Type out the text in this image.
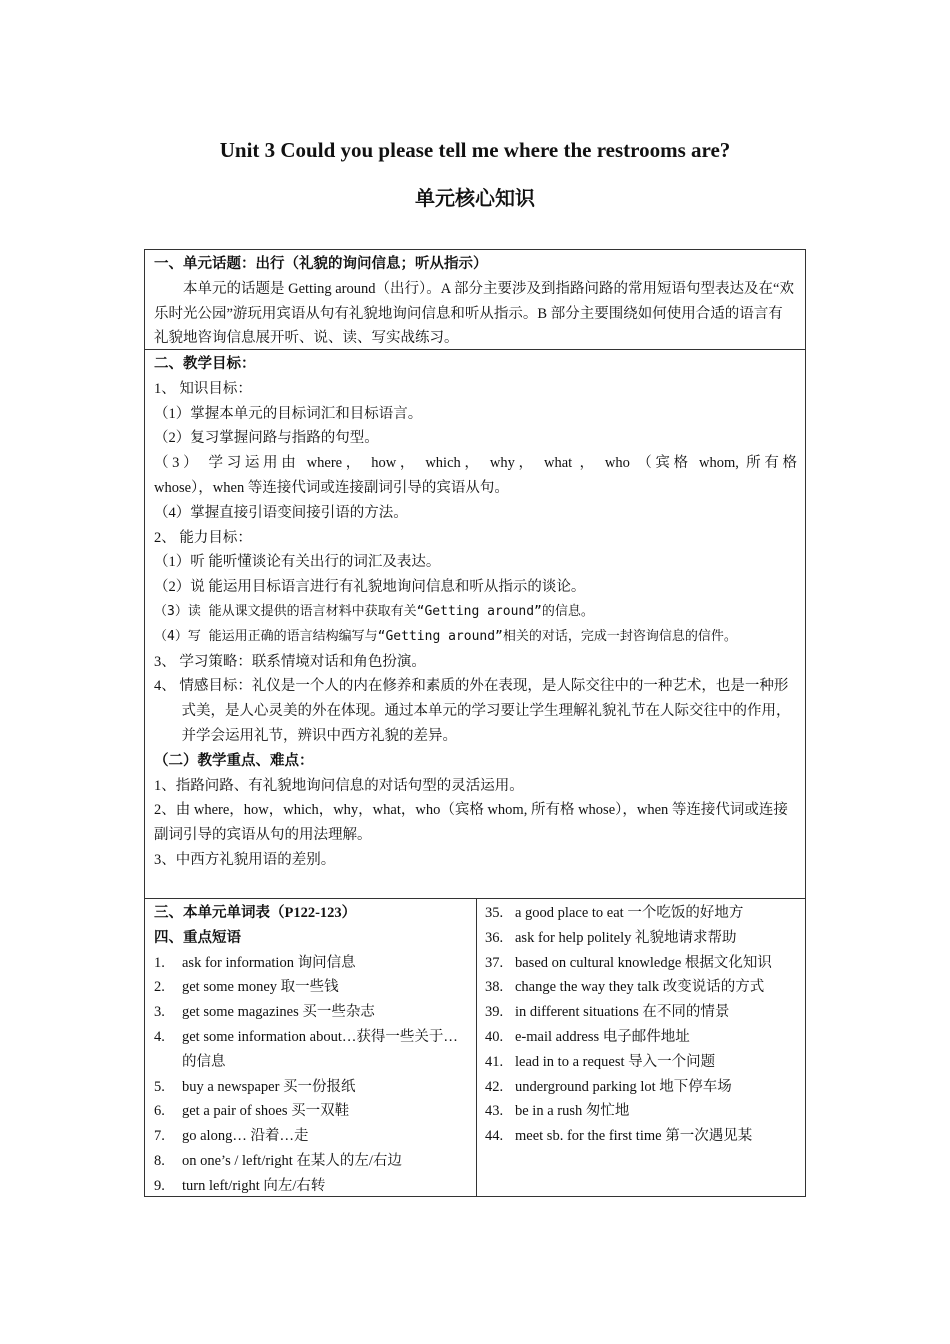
Unit 3 Could you please tell me where the restrooms are?
单元核心知识

一、单元话题：出行（礼貌的询问信息；听从指示）

本单元的话题是 Getting around（出行）。A 部分主要涉及到指路问路的常用短语句型表达及在“欢乐时光公园”游玩用宾语从句有礼貌地询问信息和听从指示。B 部分主要围绕如何使用合适的语言有礼貌地咨询信息展开听、说、读、写实战练习。

二、教学目标：

1、 知识目标：

（1）掌握本单元的目标词汇和目标语言。

（2）复习掌握问路与指路的句型。

（3） 学习运用由 where， how， which， why， what ， who （宾格 whom, 所有格

whose），when 等连接代词或连接副词引导的宾语从句。

（4）掌握直接引语变间接引语的方法。

2、 能力目标：

（1）听 能听懂谈论有关出行的词汇及表达。

（2）说 能运用目标语言进行有礼貌地询问信息和听从指示的谈论。

（3）读 能从课文提供的语言材料中获取有关“Getting around”的信息。

（4）写 能运用正确的语言结构编写与“Getting around”相关的对话，完成一封咨询信息的信件。

3、 学习策略：联系情境对话和角色扮演。

4、 情感目标：礼仪是一个人的内在修养和素质的外在表现，是人际交往中的一种艺术，也是一种形式美，是人心灵美的外在体现。通过本单元的学习要让学生理解礼貌礼节在人际交往中的作用，并学会运用礼节，辨识中西方礼貌的差异。

（二）教学重点、难点：

1、指路问路、有礼貌地询问信息的对话句型的灵活运用。

2、由 where，how，which，why，what，who（宾格 whom, 所有格 whose），when 等连接代词或连接副词引导的宾语从句的用法理解。

3、中西方礼貌用语的差别。

三、本单元单词表（P122-123）

四、重点短语

1.	ask for information 询问信息
2.	get some money 取一些钱
3.	get some magazines 买一些杂志
4.	get some information about…获得一些关于…的信息
5.	buy a newspaper 买一份报纸
6.	get a pair of shoes 买一双鞋
7.	go along… 沿着…走
8.	on one’s / left/right 在某人的左/右边
9.	turn left/right 向左/右转
35. a good place to eat 一个吃饭的好地方
36. ask for help politely 礼貌地请求帮助
37. based on cultural knowledge 根据文化知识
38. change the way they talk 改变说话的方式
39. in different situations 在不同的情景
40. e-mail address 电子邮件地址
41. lead in to a request 导入一个问题
42. underground parking lot 地下停车场
43. be in a rush 匆忙地
44. meet sb. for the first time 第一次遇见某
